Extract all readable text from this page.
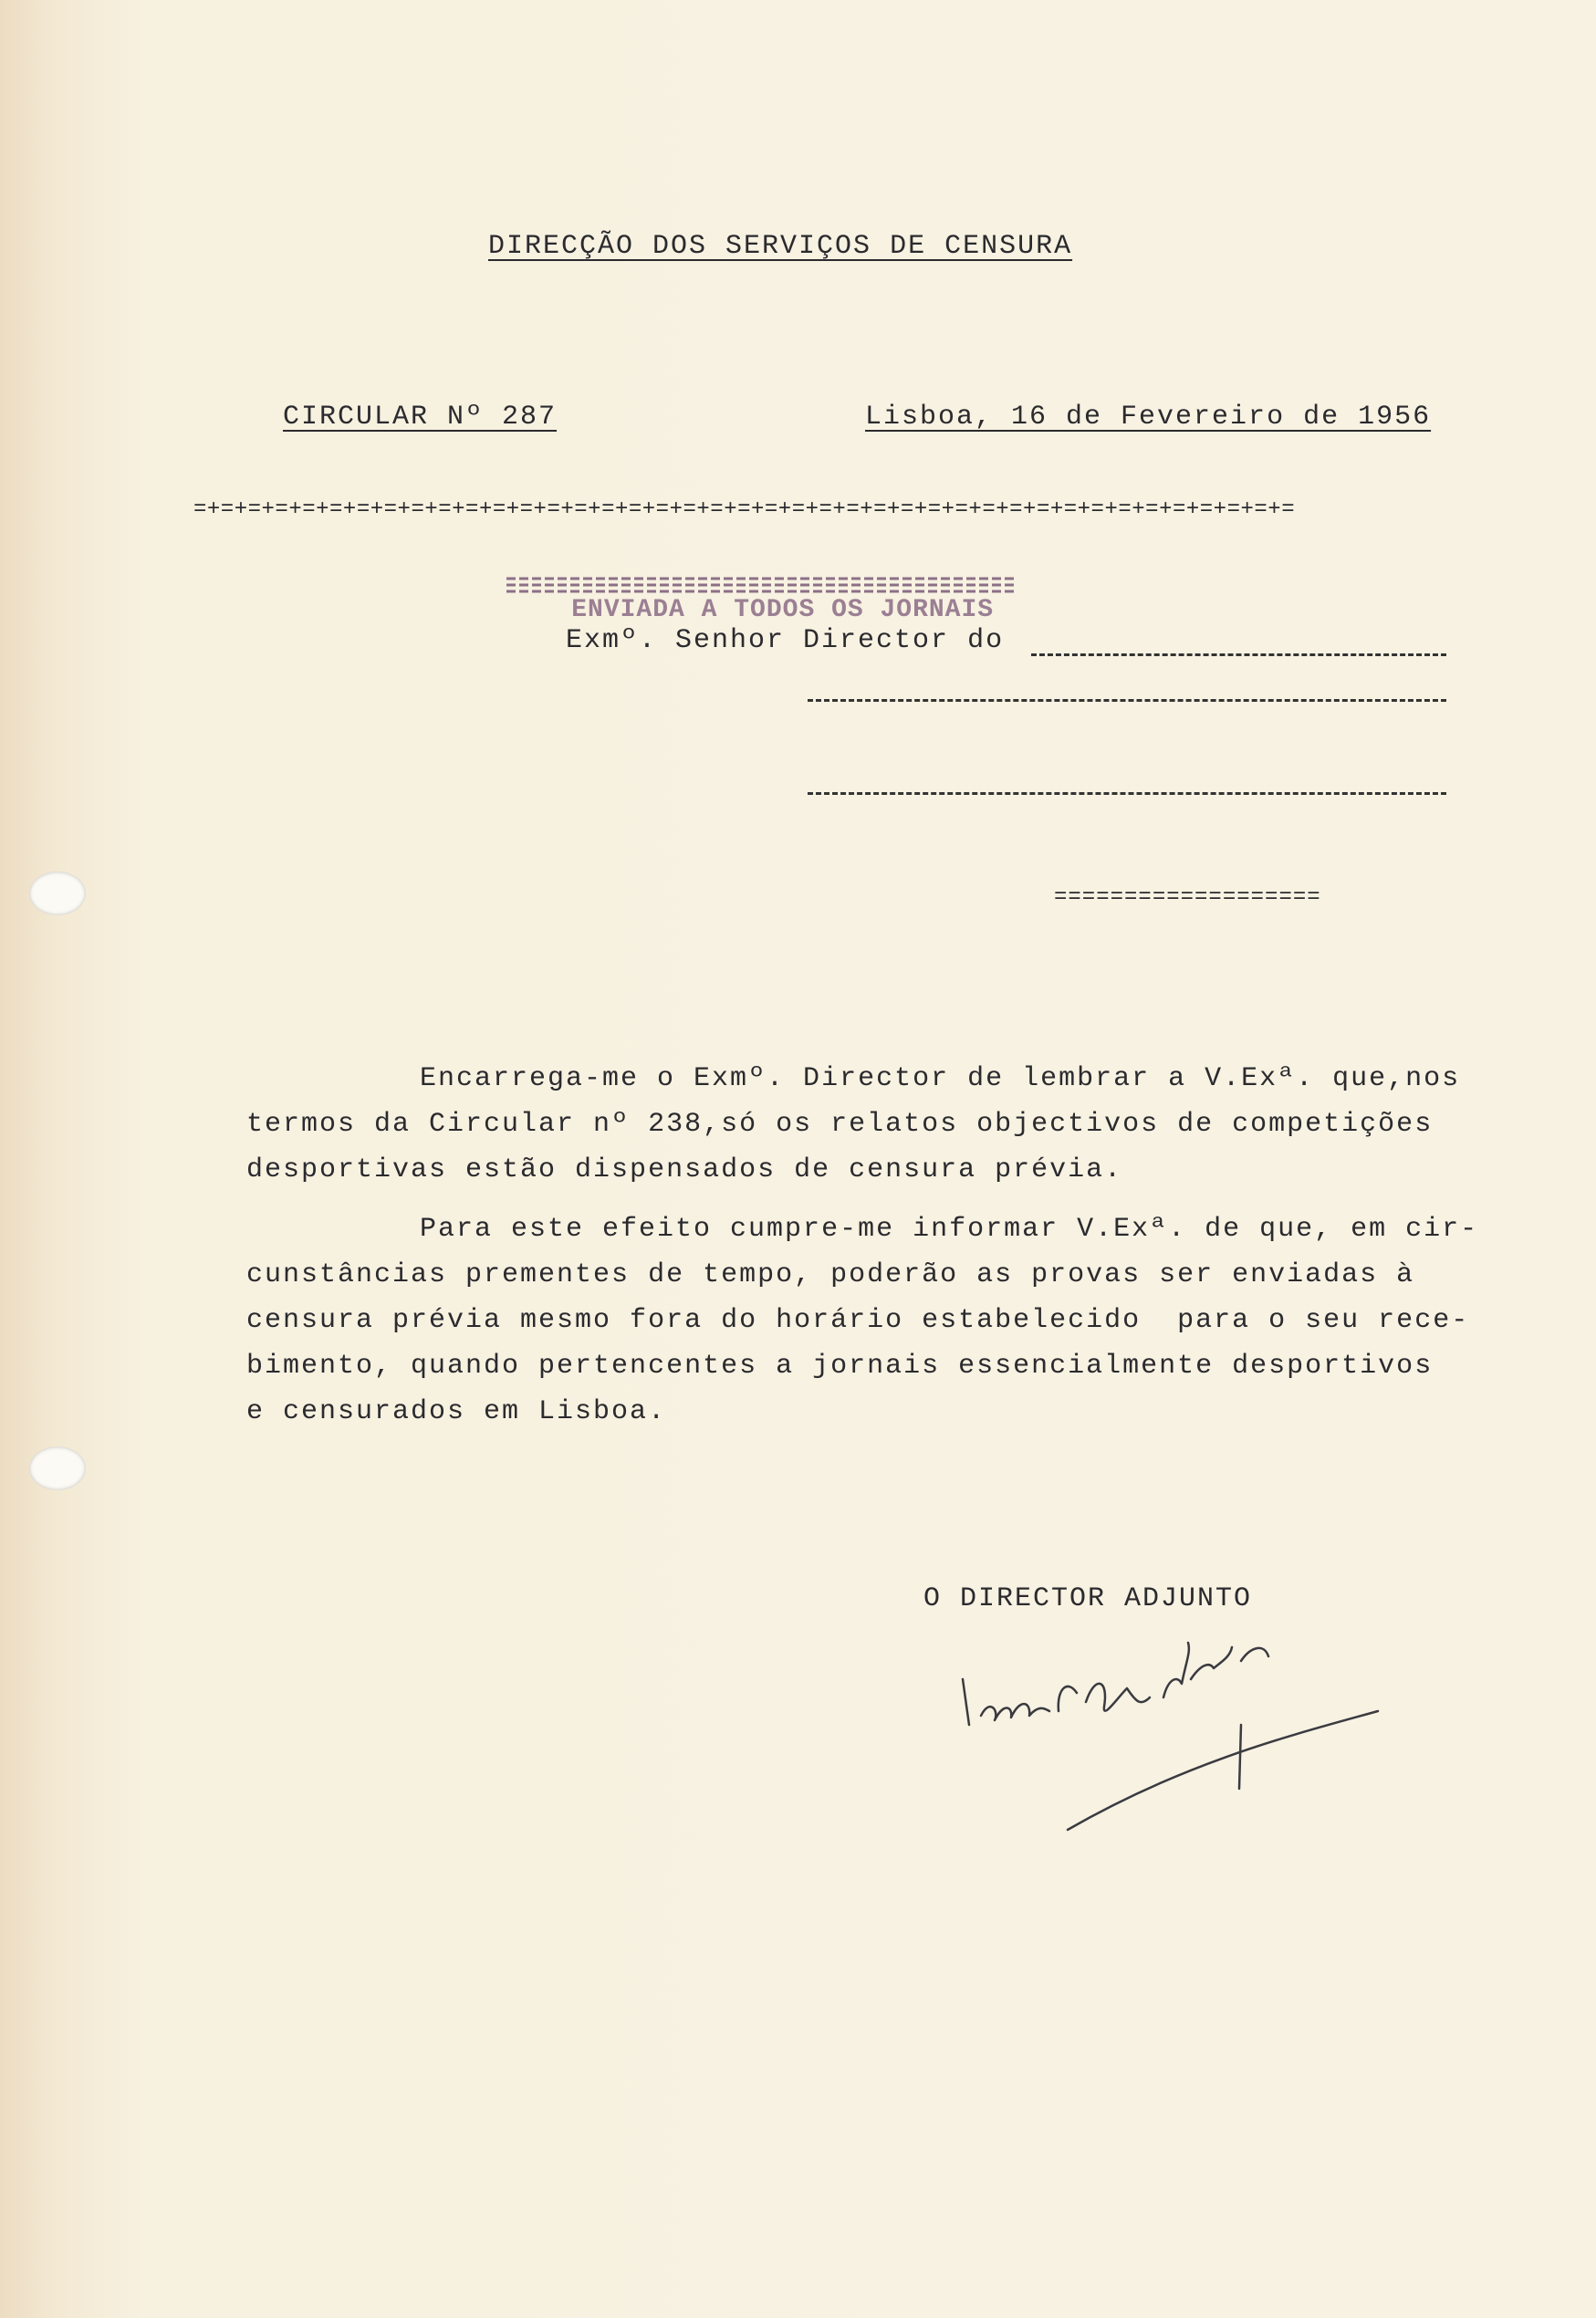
DIRECÇÃO DOS SERVIÇOS DE CENSURA
CIRCULAR Nº 287	Lisboa, 16 de Fevereiro de 1956
=+=+=+=+=+=+=+=+=+=+=+=+=+=+=+=+=+=+=+=+=+=+=+=+=+=+=+=+=+=+=+=+=+=+=+=+=+=+=+=+=

ENVIADA A TODOS OS JORNAIS

Exmº. Senhor Director do
===================

Encarrega-me o Exmº. Director de lembrar a V.Exª. que,nos

termos da Circular nº 238,só os relatos objectivos de competições

desportivas estão dispensados de censura prévia.

Para este efeito cumpre-me informar V.Exª. de que, em cir-

cunstâncias prementes de tempo, poderão as provas ser enviadas à

censura prévia mesmo fora do horário estabelecido  para o seu rece-

bimento, quando pertencentes a jornais essencialmente desportivos

e censurados em Lisboa.

O DIRECTOR ADJUNTO
